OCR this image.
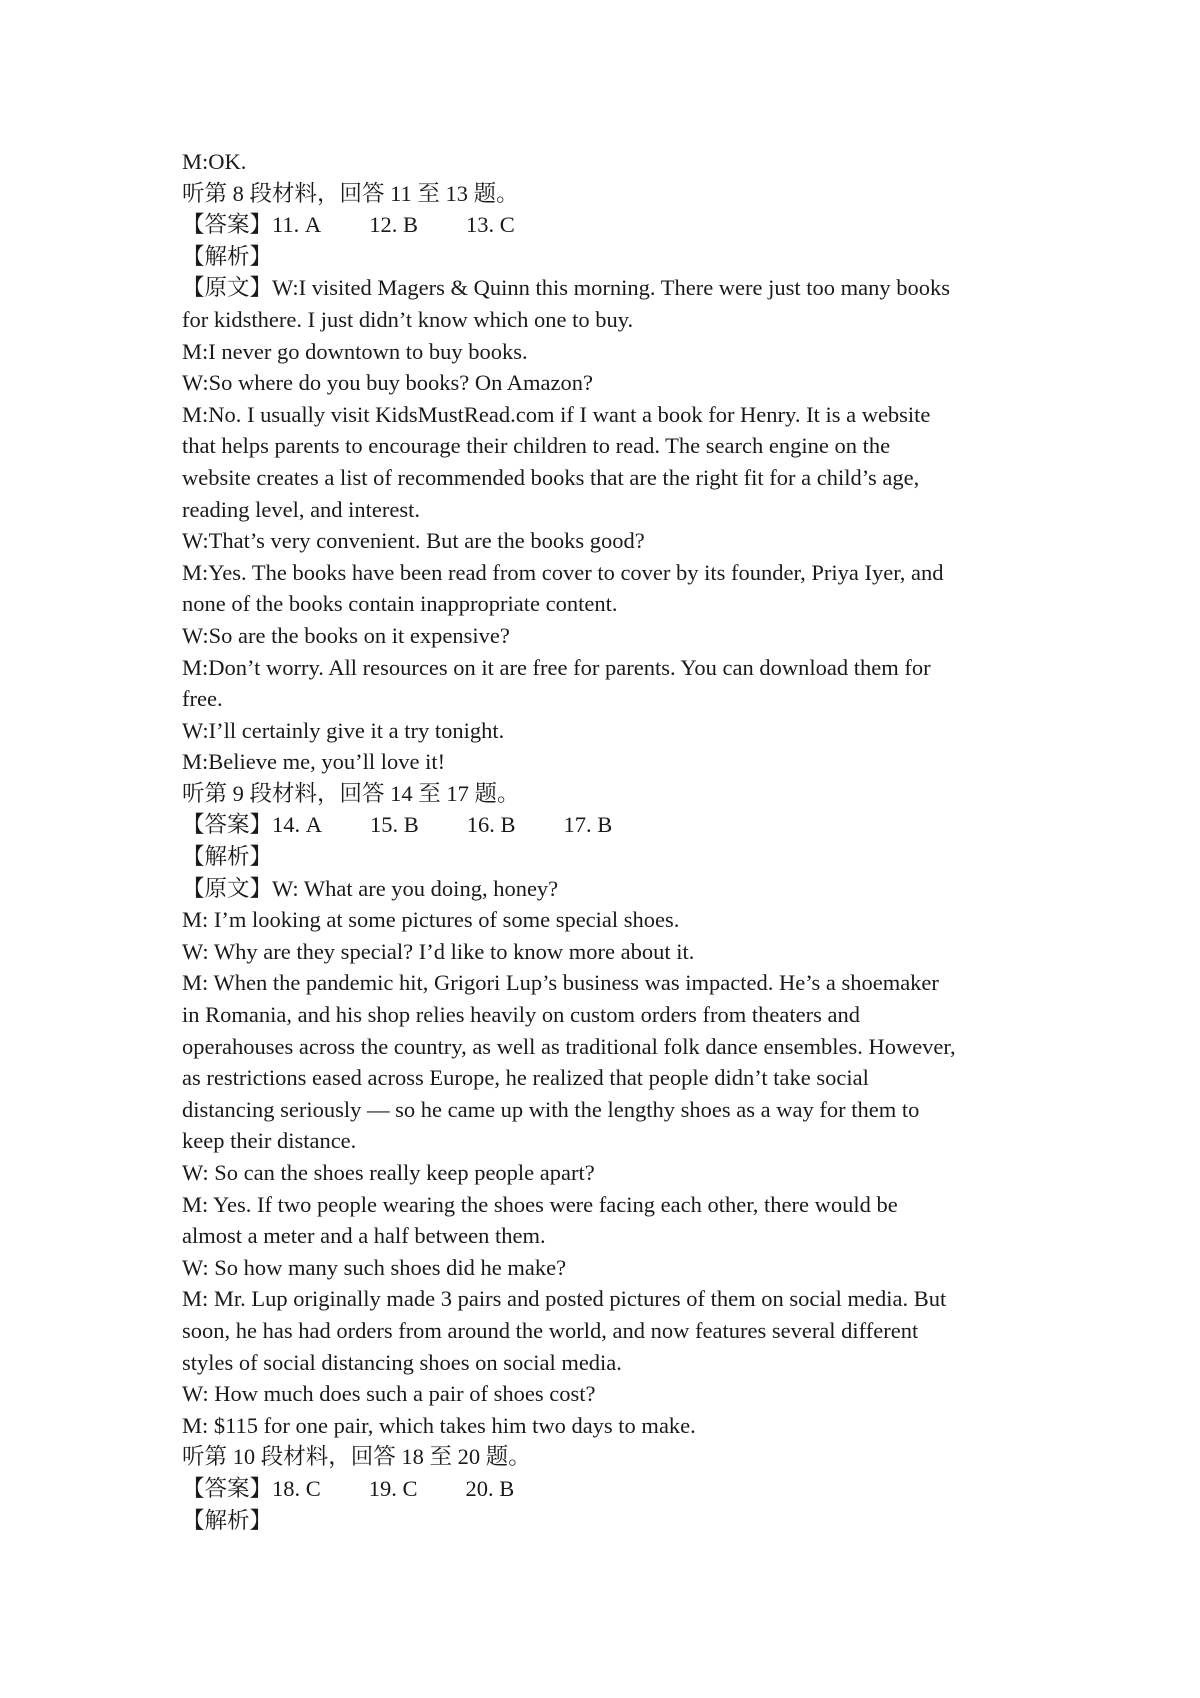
M:OK.
听第 8 段材料，回答 11 至 13 题。
【答案】11. A 12. B 13. C
【解析】
【原文】W:I visited Magers & Quinn this morning. There were just too many books
for kidsthere. I just didn’t know which one to buy.
M:I never go downtown to buy books.
W:So where do you buy books? On Amazon?
M:No. I usually visit KidsMustRead.com if I want a book for Henry. It is a website
that helps parents to encourage their children to read. The search engine on the
website creates a list of recommended books that are the right fit for a child’s age,
reading level, and interest.
W:That’s very convenient. But are the books good?
M:Yes. The books have been read from cover to cover by its founder, Priya Iyer, and
none of the books contain inappropriate content.
W:So are the books on it expensive?
M:Don’t worry. All resources on it are free for parents. You can download them for
free.
W:I’ll certainly give it a try tonight.
M:Believe me, you’ll love it!
听第 9 段材料，回答 14 至 17 题。
【答案】14. A 15. B 16. B 17. B
【解析】
【原文】W: What are you doing, honey?
M: I’m looking at some pictures of some special shoes.
W: Why are they special? I’d like to know more about it.
M: When the pandemic hit, Grigori Lup’s business was impacted. He’s a shoemaker
in Romania, and his shop relies heavily on custom orders from theaters and
operahouses across the country, as well as traditional folk dance ensembles. However,
as restrictions eased across Europe, he realized that people didn’t take social
distancing seriously — so he came up with the lengthy shoes as a way for them to
keep their distance.
W: So can the shoes really keep people apart?
M: Yes. If two people wearing the shoes were facing each other, there would be
almost a meter and a half between them.
W: So how many such shoes did he make?
M: Mr. Lup originally made 3 pairs and posted pictures of them on social media. But
soon, he has had orders from around the world, and now features several different
styles of social distancing shoes on social media.
W: How much does such a pair of shoes cost?
M: $115 for one pair, which takes him two days to make.
听第 10 段材料，回答 18 至 20 题。
【答案】18. C 19. C 20. B
【解析】
